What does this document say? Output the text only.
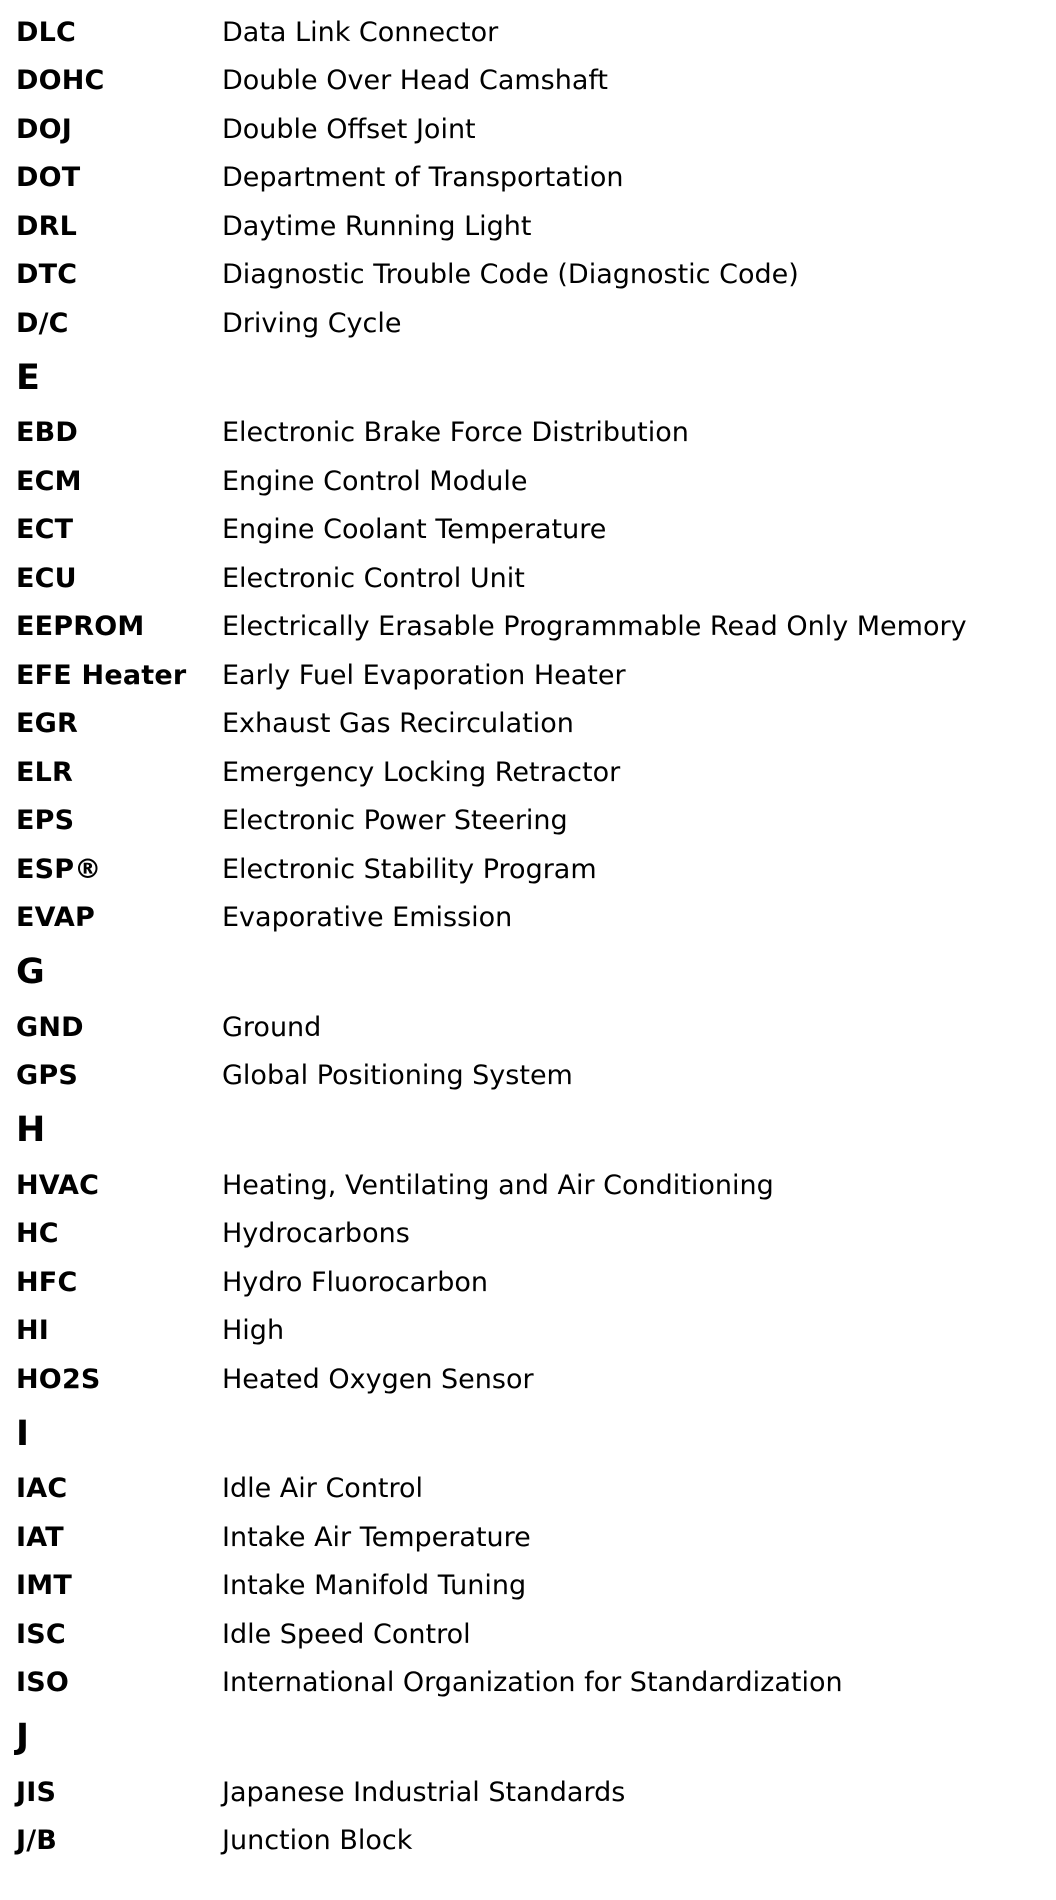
DLC	Data Link Connector
DOHC	Double Over Head Camshaft
DOJ	Double Offset Joint
DOT	Department of Transportation
DRL	Daytime Running Light
DTC	Diagnostic Trouble Code (Diagnostic Code)
D/C	Driving Cycle
E
EBD	Electronic Brake Force Distribution
ECM	Engine Control Module
ECT	Engine Coolant Temperature
ECU	Electronic Control Unit
EEPROM	Electrically Erasable Programmable Read Only Memory
EFE Heater	Early Fuel Evaporation Heater
EGR	Exhaust Gas Recirculation
ELR	Emergency Locking Retractor
EPS	Electronic Power Steering
ESP®	Electronic Stability Program
EVAP	Evaporative Emission
G
GND	Ground
GPS	Global Positioning System
H
HVAC	Heating, Ventilating and Air Conditioning
HC	Hydrocarbons
HFC	Hydro Fluorocarbon
HI	High
HO2S	Heated Oxygen Sensor
I
IAC	Idle Air Control
IAT	Intake Air Temperature
IMT	Intake Manifold Tuning
ISC	Idle Speed Control
ISO	International Organization for Standardization
J
JIS	Japanese Industrial Standards
J/B	Junction Block
